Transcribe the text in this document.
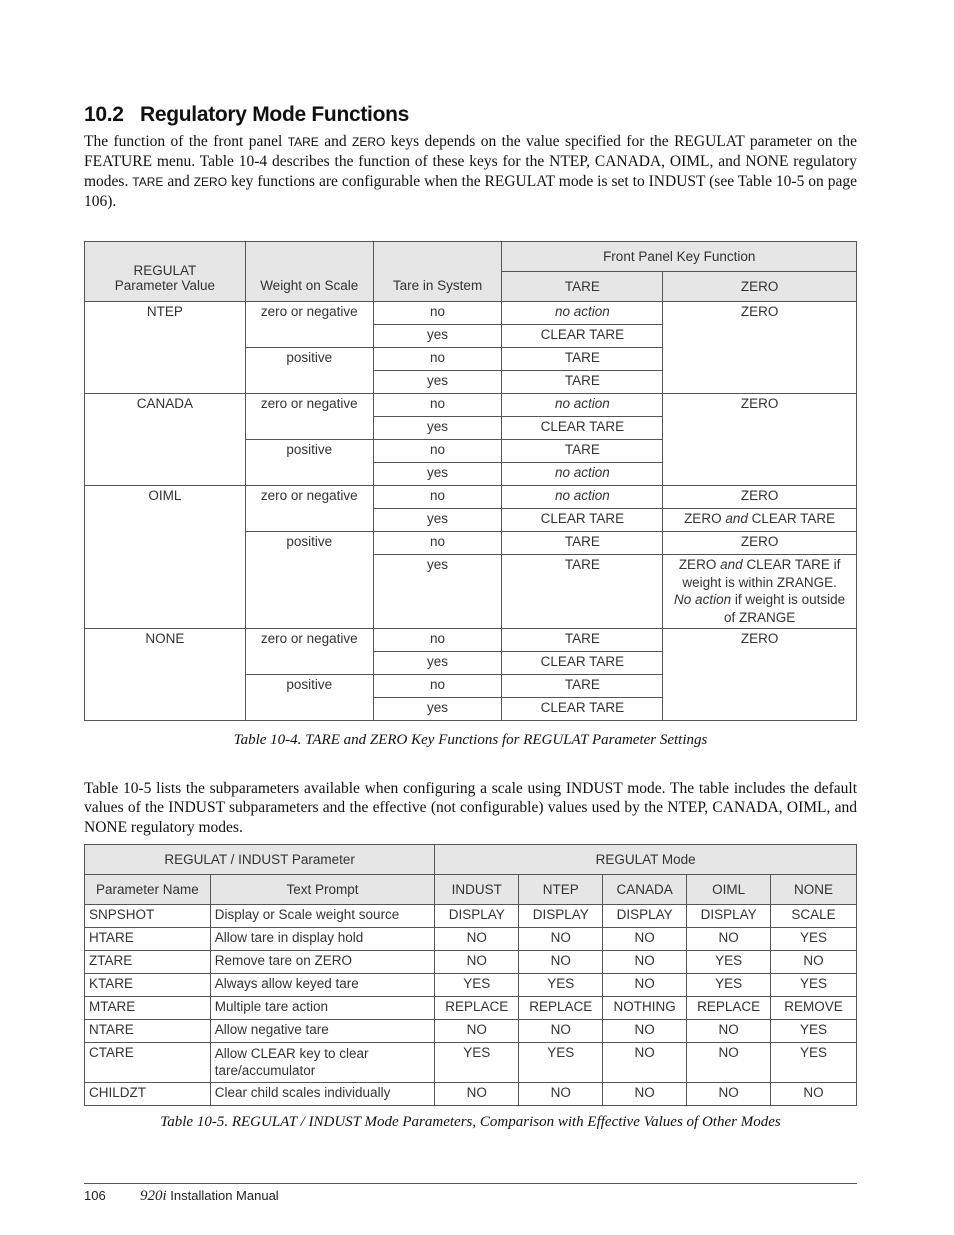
10.2 Regulatory Mode Functions

The function of the front panel TARE and ZERO keys depends on the value specified for the REGULAT parameter on the FEATURE menu. Table 10-4 describes the function of these keys for the NTEP, CANADA, OIML, and NONE regulatory modes. TARE and ZERO key functions are configurable when the REGULAT mode is set to INDUST (see Table 10-5 on page 106).

REGULAT
Parameter Value	Weight on Scale	Tare in System	Front Panel Key Function	
			TARE	ZERO
NTEP	zero or negative	no	no action	ZERO
		yes	CLEAR TARE	
	positive	no	TARE	
		yes	TARE	
CANADA	zero or negative	no	no action	ZERO
		yes	CLEAR TARE	
	positive	no	TARE	
		yes	no action	
OIML	zero or negative	no	no action	ZERO
		yes	CLEAR TARE	ZERO and CLEAR TARE
	positive	no	TARE	ZERO
		yes	TARE	ZERO and CLEAR TARE if weight is within ZRANGE.
No action if weight is outside of ZRANGE
NONE	zero or negative	no	TARE	ZERO
		yes	CLEAR TARE	
	positive	no	TARE	
		yes	CLEAR TARE	
Table 10-4. TARE and ZERO Key Functions for REGULAT Parameter Settings

Table 10-5 lists the subparameters available when configuring a scale using INDUST mode. The table includes the default values of the INDUST subparameters and the effective (not configurable) values used by the NTEP, CANADA, OIML, and NONE regulatory modes.

REGULAT / INDUST Parameter		REGULAT Mode				
Parameter Name	Text Prompt	INDUST	NTEP	CANADA	OIML	NONE
SNPSHOT	Display or Scale weight source	DISPLAY	DISPLAY	DISPLAY	DISPLAY	SCALE
HTARE	Allow tare in display hold	NO	NO	NO	NO	YES
ZTARE	Remove tare on ZERO	NO	NO	NO	YES	NO
KTARE	Always allow keyed tare	YES	YES	NO	YES	YES
MTARE	Multiple tare action	REPLACE	REPLACE	NOTHING	REPLACE	REMOVE
NTARE	Allow negative tare	NO	NO	NO	NO	YES
CTARE	Allow CLEAR key to clear tare/accumulator	YES	YES	NO	NO	YES
CHILDZT	Clear child scales individually	NO	NO	NO	NO	NO
Table 10-5. REGULAT / INDUST Mode Parameters, Comparison with Effective Values of Other Modes
106 920i Installation Manual
